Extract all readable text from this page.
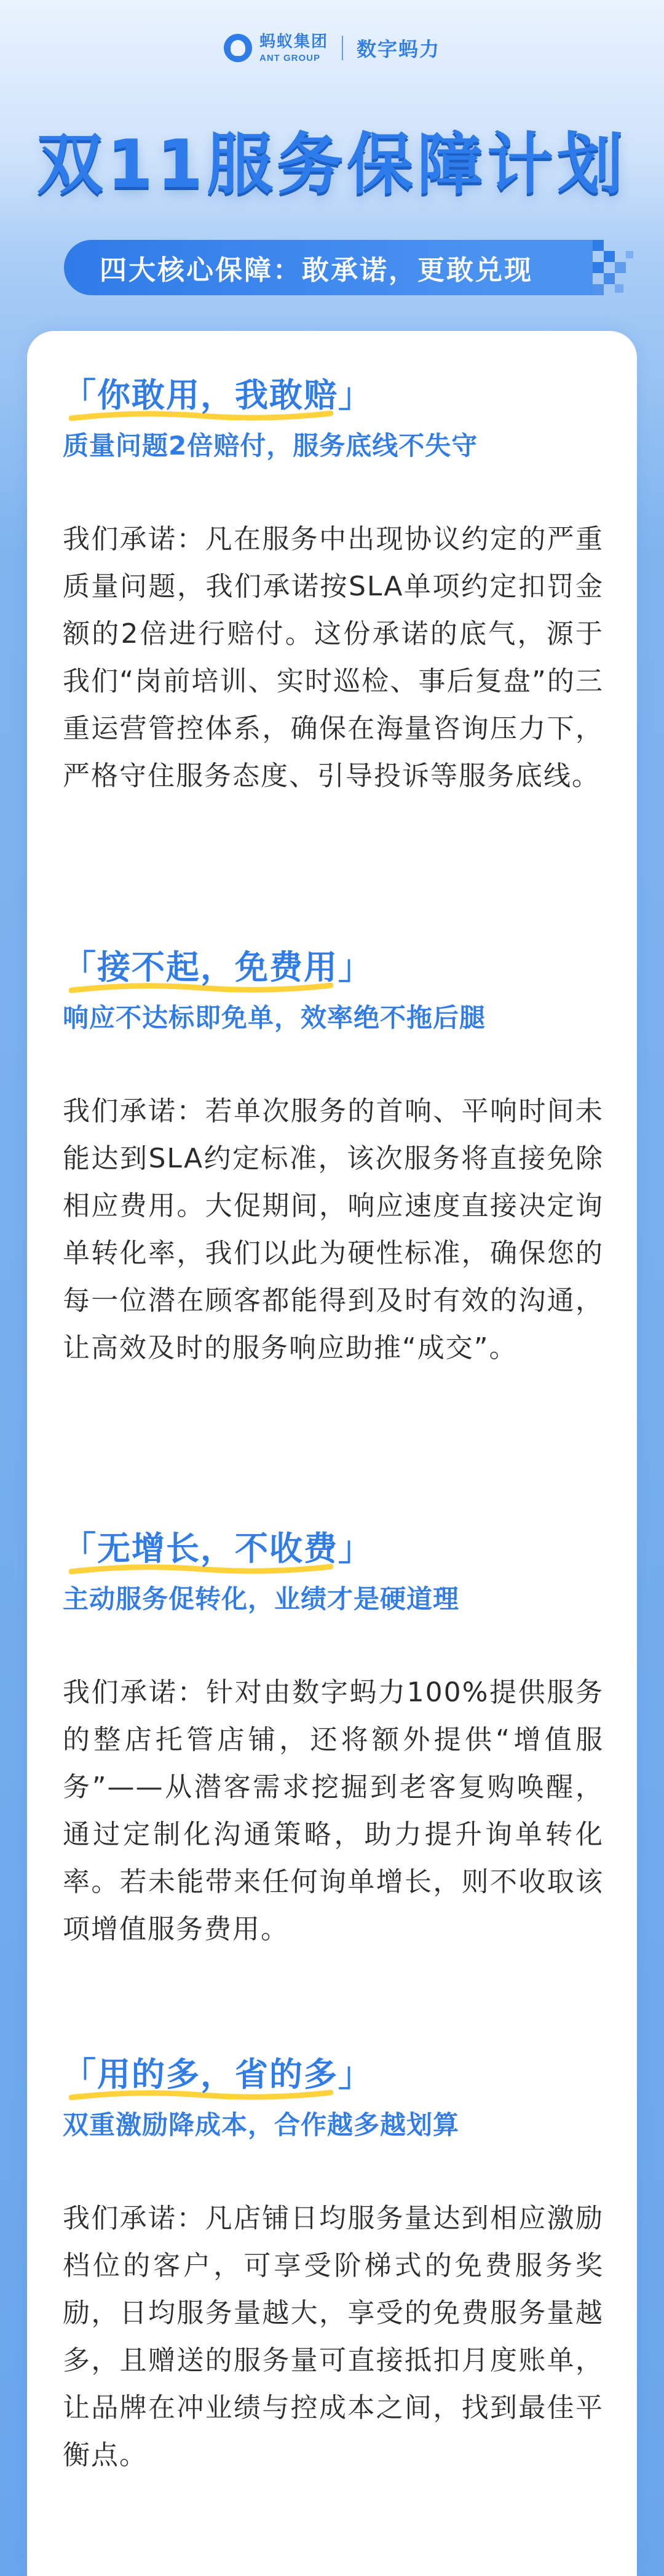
蚂蚁集团
ANT GROUP	数字蚂力
双11服务保障计划
四大核心保障：敢承诺，更敢兑现
「你敢用，我敢赔」
质量问题2倍赔付，服务底线不失守
我们承诺：凡在服务中出现协议约定的严重质量问题，我们承诺按SLA单项约定扣罚金额的2倍进行赔付。这份承诺的底气，源于我们“岗前培训、实时巡检、事后复盘”的三重运营管控体系，确保在海量咨询压力下，严格守住服务态度、引导投诉等服务底线。
「接不起，免费用」
响应不达标即免单，效率绝不拖后腿
我们承诺：若单次服务的首响、平响时间未能达到SLA约定标准，该次服务将直接免除相应费用。大促期间，响应速度直接决定询单转化率，我们以此为硬性标准，确保您的每一位潜在顾客都能得到及时有效的沟通，让高效及时的服务响应助推“成交”。
「无增长，不收费」
主动服务促转化，业绩才是硬道理
我们承诺：针对由数字蚂力100%提供服务的整店托管店铺，还将额外提供“增值服务”——从潜客需求挖掘到老客复购唤醒，通过定制化沟通策略，助力提升询单转化率。若未能带来任何询单增长，则不收取该项增值服务费用。
「用的多，省的多」
双重激励降成本，合作越多越划算
我们承诺：凡店铺日均服务量达到相应激励档位的客户，可享受阶梯式的免费服务奖励，日均服务量越大，享受的免费服务量越多，且赠送的服务量可直接抵扣月度账单，让品牌在冲业绩与控成本之间，找到最佳平衡点。
